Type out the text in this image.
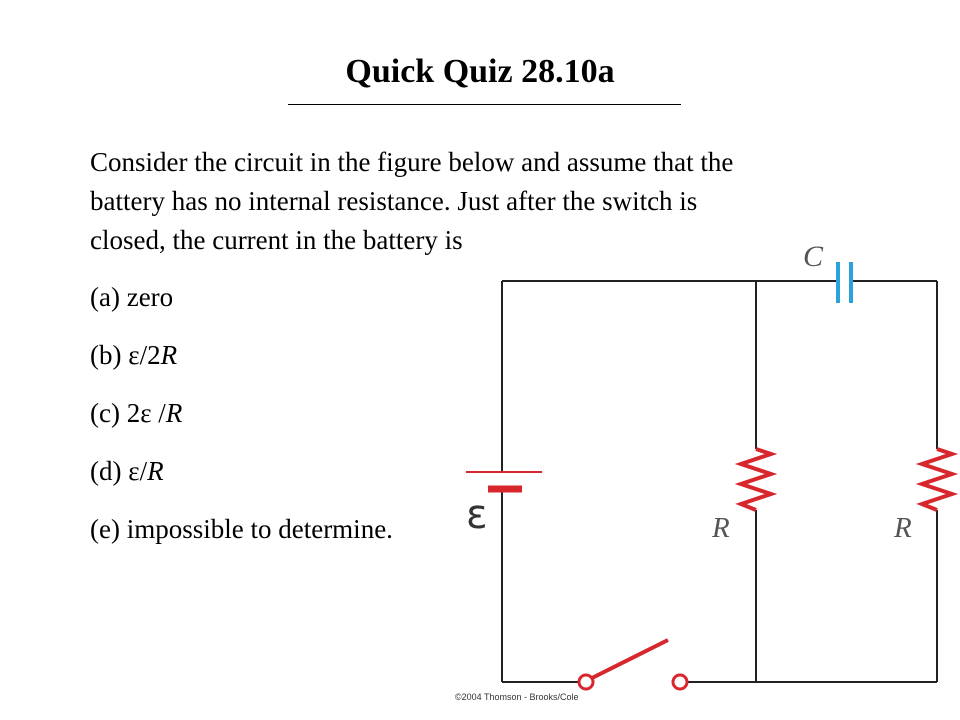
Quick Quiz 28.10a
Consider the circuit in the figure below and assume that the
battery has no internal resistance. Just after the switch is
closed, the current in the battery is
(a) zero
(b) ε/2R
(c) 2ε /R
(d) ε/R
(e) impossible to determine.
C
ε	R	R
©2004 Thomson - Brooks/Cole
